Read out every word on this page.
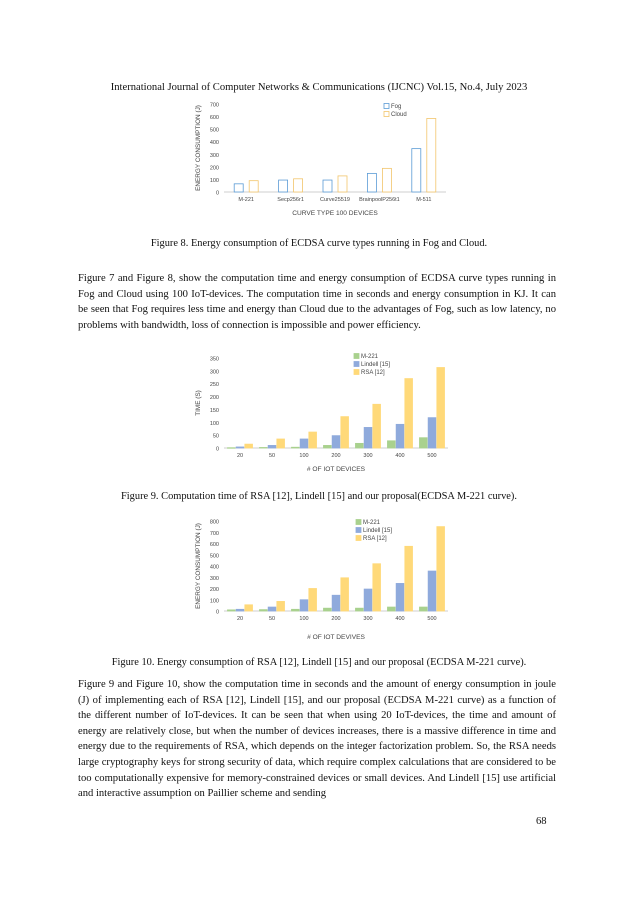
International Journal of Computer Networks & Communications (IJCNC) Vol.15, No.4, July 2023
0
100
200
300
400
500
600
700
M-221	Secp256r1	Curve25519 BrainpoolP256t1	M-511
CURVE TYPE 100 DEVICES
ENERGY CONSUMPTION (J)	Fog
Cloud
Figure 8. Energy consumption of ECDSA curve types running in Fog and Cloud.
Figure 7 and Figure 8, show the computation time and energy consumption of ECDSA curve types running in Fog and Cloud using 100 IoT-devices. The computation time in seconds and energy consumption in KJ. It can be seen that Fog requires less time and energy than Cloud due to the advantages of Fog, such as low latency, no problems with bandwidth, loss of connection is impossible and power efficiency.
0
50
100
150
200
250
300
350
20	50	100	200	300	400	500
# OF IOT DEVICES
TIME (S)
M-221
Lindell [15]
RSA [12]
Figure 9. Computation time of RSA [12], Lindell [15] and our proposal(ECDSA M-221 curve).
0
100
200
300
400
500
600
700
800
20	50	100	200	300	400	500
# OF IOT DEVIVES
ENERGY CONSUMPTION (J)
M-221
Lindell [15]
RSA [12]
Figure 10. Energy consumption of RSA [12], Lindell [15] and our proposal (ECDSA M-221 curve).
Figure 9 and Figure 10, show the computation time in seconds and the amount of energy consumption in joule (J) of implementing each of RSA [12], Lindell [15], and our proposal (ECDSA M-221 curve) as a function of the different number of IoT-devices. It can be seen that when using 20 IoT-devices, the time and amount of energy are relatively close, but when the number of devices increases, there is a massive difference in time and energy due to the requirements of RSA, which depends on the integer factorization problem. So, the RSA needs large cryptography keys for strong security of data, which require complex calculations that are considered to be too computationally expensive for memory-constrained devices or small devices. And Lindell [15] use artificial and interactive assumption on Paillier scheme and sending
68
